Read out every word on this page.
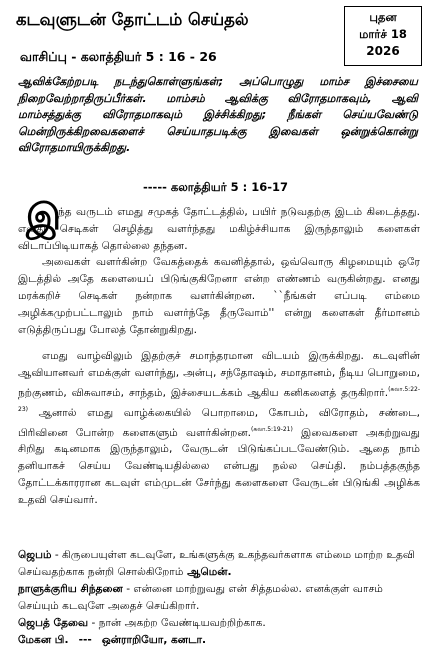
கடவுளுடன் தோட்டம் செய்தல்
வாசிப்பு - கலாத்தியர் 5 : 16 - 26
புதன
மார்ச் 18
2026
ஆவிக்கேற்றபடி நடந்துகொள்ளுங்கள்; அப்பொழுது மாம்ச இச்சையை நிறைவேற்றாதிருப்பீர்கள். மாம்சம் ஆவிக்கு விரோதமாகவும், ஆவி மாம்சத்துக்கு விரோதமாகவும் இச்சிக்கிறது; நீங்கள் செய்யவேண்டு மென்றிருக்கிறவைகளைச் செய்யாதபடிக்கு இவைகள் ஒன்றுக்கொன்று விரோதமாயிருக்கிறது.
----- கலாத்தியர் 5 : 16-17

இ
ந்த வருடம் எமது சமுகத் தோட்டத்தில், பயிர் நடுவதற்கு இடம் கிடைத்தது. எனது செடிகள் செழித்து வளர்ந்தது மகிழ்ச்சியாக இருந்தாலும் களைகள் விடாப்பிடியாகத் தொல்லை தந்தன.

அவைகள் வளர்கின்ற வேகத்தைக் கவனித்தால், ஒவ்வொரு கிழமையும் ஒரே இடத்தில் அதே களையைப் பிடுங்குகிறேனா என்ற எண்ணம் வருகின்றது. எனது மரக்கறிச் செடிகள் நன்றாக வளர்கின்றன. ``நீங்கள் எப்படி எம்மை அழிக்கமுற்பட்டாலும் நாம் வளர்ந்தே தீருவோம்'' என்று களைகள் தீர்மானம் எடுத்திருப்பது போலத் தோன்றுகிறது.

எமது வாழ்விலும் இதற்குச் சமாந்தரமான விடயம் இருக்கிறது. கடவுளின் ஆவியானவர் எமக்குள் வளர்ந்து, அன்பு, சந்தோஷம், சமாதானம், நீடிய பொறுமை, நற்குணம், விசுவாசம், சாந்தம், இச்சையடக்கம் ஆகிய கனிகளைத் தருகிறார்.$^{(கலா.5:22-23)}$ ஆனால் எமது வாழ்க்கையில் பொறாமை, கோபம், விரோதம், சண்டை, பிரிவினை போன்ற களைகளும் வளர்கின்றன.$^{(கலா.5:19-21)}$ இவைகளை அகற்றுவது சிறிது கடினமாக இருந்தாலும், வேருடன் பிடுங்கப்படவேண்டும். ஆதை நாம் தனியாகச் செய்ய வேண்டியதில்லை என்பது நல்ல செய்தி. நம்பத்தகுந்த தோட்டக்காரரான கடவுள் எம்முடன் சேர்ந்து களைகளை வேருடன் பிடுங்கி அழிக்க உதவி செய்வார்.

ஜெபம் - கிருபையுள்ள கடவுளே, உங்களுக்கு உகந்தவர்களாக எம்மை மாற்ற உதவி செய்வதற்காக நன்றி சொல்கிறோம் ஆமென்.
நாளுக்குரிய சிந்தனை - என்னை மாற்றுவது என் சித்தமல்ல. எனக்குள் வாசம் செய்யும் கடவுளே அதைச் செய்கிறார்.
ஜெபத் தேவை - நான் அகற்ற வேண்டியவற்றிற்காக.
மேகன பி. --- ஒன்ராறியோ, கனடா.
